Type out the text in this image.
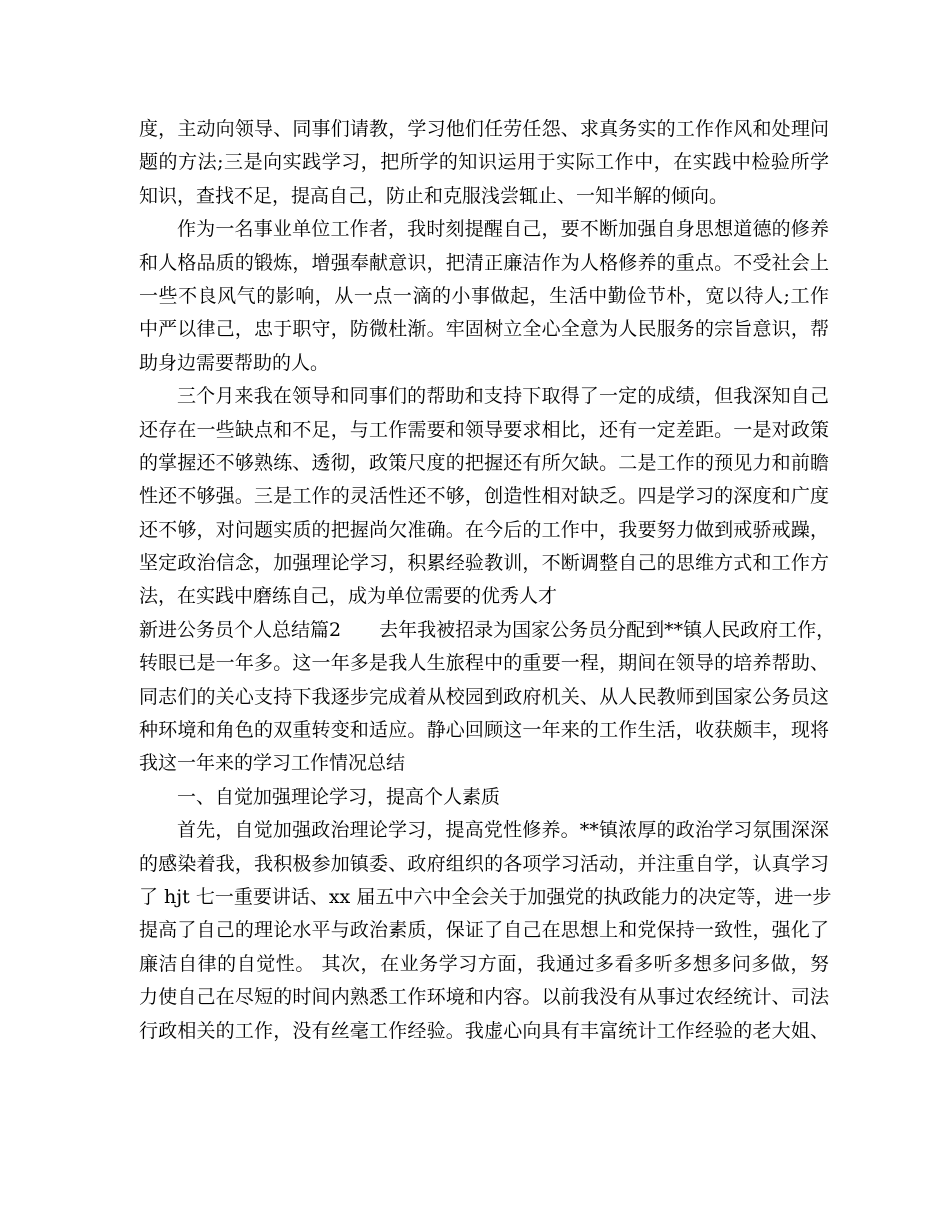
度，主动向领导、同事们请教，学习他们任劳任怨、求真务实的工作作风和处理问
题的方法;三是向实践学习，把所学的知识运用于实际工作中，在实践中检验所学
知识，查找不足，提高自己，防止和克服浅尝辄止、一知半解的倾向。
作为一名事业单位工作者，我时刻提醒自己，要不断加强自身思想道德的修养
和人格品质的锻炼，增强奉献意识，把清正廉洁作为人格修养的重点。不受社会上
一些不良风气的影响，从一点一滴的小事做起，生活中勤俭节朴，宽以待人;工作
中严以律己，忠于职守，防微杜渐。牢固树立全心全意为人民服务的宗旨意识，帮
助身边需要帮助的人。
三个月来我在领导和同事们的帮助和支持下取得了一定的成绩，但我深知自己
还存在一些缺点和不足，与工作需要和领导要求相比，还有一定差距。一是对政策
的掌握还不够熟练、透彻，政策尺度的把握还有所欠缺。二是工作的预见力和前瞻
性还不够强。三是工作的灵活性还不够，创造性相对缺乏。四是学习的深度和广度
还不够，对问题实质的把握尚欠准确。在今后的工作中，我要努力做到戒骄戒躁，
坚定政治信念，加强理论学习，积累经验教训，不断调整自己的思维方式和工作方
法，在实践中磨练自己，成为单位需要的优秀人才
新进公务员个人总结篇2　　去年我被招录为国家公务员分配到**镇人民政府工作，
转眼已是一年多。这一年多是我人生旅程中的重要一程，期间在领导的培养帮助、
同志们的关心支持下我逐步完成着从校园到政府机关、从人民教师到国家公务员这
种环境和角色的双重转变和适应。静心回顾这一年来的工作生活，收获颇丰，现将
我这一年来的学习工作情况总结
一、自觉加强理论学习，提高个人素质
首先，自觉加强政治理论学习，提高党性修养。**镇浓厚的政治学习氛围深深
的感染着我，我积极参加镇委、政府组织的各项学习活动，并注重自学，认真学习
了 hjt 七一重要讲话、xx 届五中六中全会关于加强党的执政能力的决定等，进一步
提高了自己的理论水平与政治素质，保证了自己在思想上和党保持一致性，强化了
廉洁自律的自觉性。 其次，在业务学习方面，我通过多看多听多想多问多做，努
力使自己在尽短的时间内熟悉工作环境和内容。以前我没有从事过农经统计、司法
行政相关的工作，没有丝毫工作经验。我虚心向具有丰富统计工作经验的老大姐、
